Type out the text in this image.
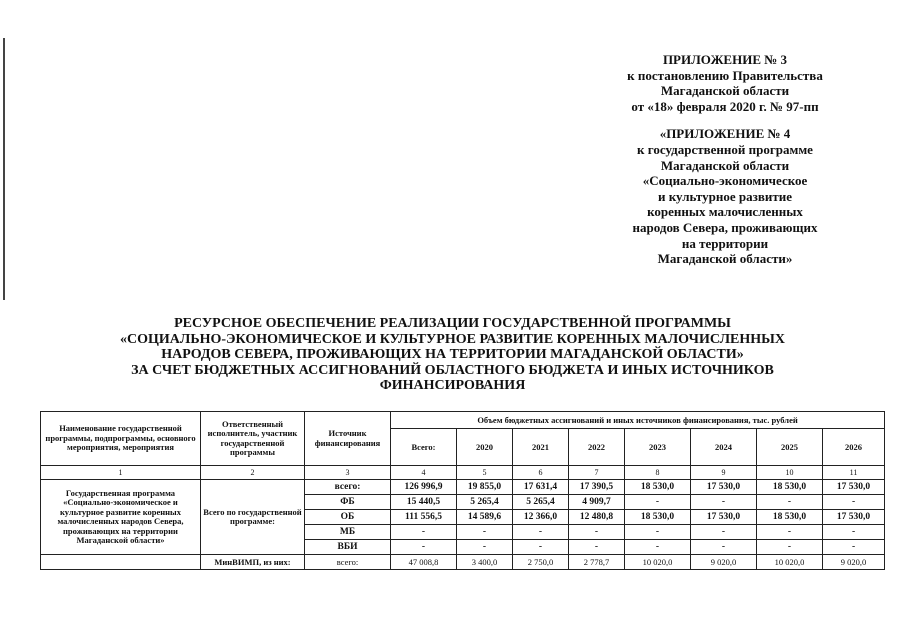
ПРИЛОЖЕНИЕ № 3
к постановлению Правительства
Магаданской области
от «18» февраля 2020 г. № 97-пп
«ПРИЛОЖЕНИЕ № 4
к государственной программе
Магаданской области
«Социально-экономическое
и культурное развитие
коренных малочисленных
народов Севера, проживающих
на территории
Магаданской области»
РЕСУРСНОЕ ОБЕСПЕЧЕНИЕ РЕАЛИЗАЦИИ ГОСУДАРСТВЕННОЙ ПРОГРАММЫ
«СОЦИАЛЬНО-ЭКОНОМИЧЕСКОЕ И КУЛЬТУРНОЕ РАЗВИТИЕ КОРЕННЫХ МАЛОЧИСЛЕННЫХ
НАРОДОВ СЕВЕРА, ПРОЖИВАЮЩИХ НА ТЕРРИТОРИИ МАГАДАНСКОЙ ОБЛАСТИ»
ЗА СЧЕТ БЮДЖЕТНЫХ АССИГНОВАНИЙ ОБЛАСТНОГО БЮДЖЕТА И ИНЫХ ИСТОЧНИКОВ
ФИНАНСИРОВАНИЯ
Наименование государственной программы, подпрограммы, основного мероприятия, мероприятия	Ответственный исполнитель, участник государственной программы	Источник финансирования	Объем бюджетных ассигнований и иных источников финансирования, тыс. рублей							
			Всего:	2020	2021	2022	2023	2024	2025	2026
1	2	3	4	5	6	7	8	9	10	11
Государственная программа «Социально-экономическое и культурное развитие коренных малочисленных народов Севера, проживающих на территории Магаданской области»	Всего по государственной программе:	всего:	126 996,9	19 855,0	17 631,4	17 390,5	18 530,0	17 530,0	18 530,0	17 530,0
		ФБ	15 440,5	5 265,4	5 265,4	4 909,7	-	-	-	-
		ОБ	111 556,5	14 589,6	12 366,0	12 480,8	18 530,0	17 530,0	18 530,0	17 530,0
		МБ	-	-	-	-	-	-	-	-
		ВБИ	-	-	-	-	-	-	-	-
	МинВИМП, из них:	всего:	47 008,8	3 400,0	2 750,0	2 778,7	10 020,0	9 020,0	10 020,0	9 020,0
